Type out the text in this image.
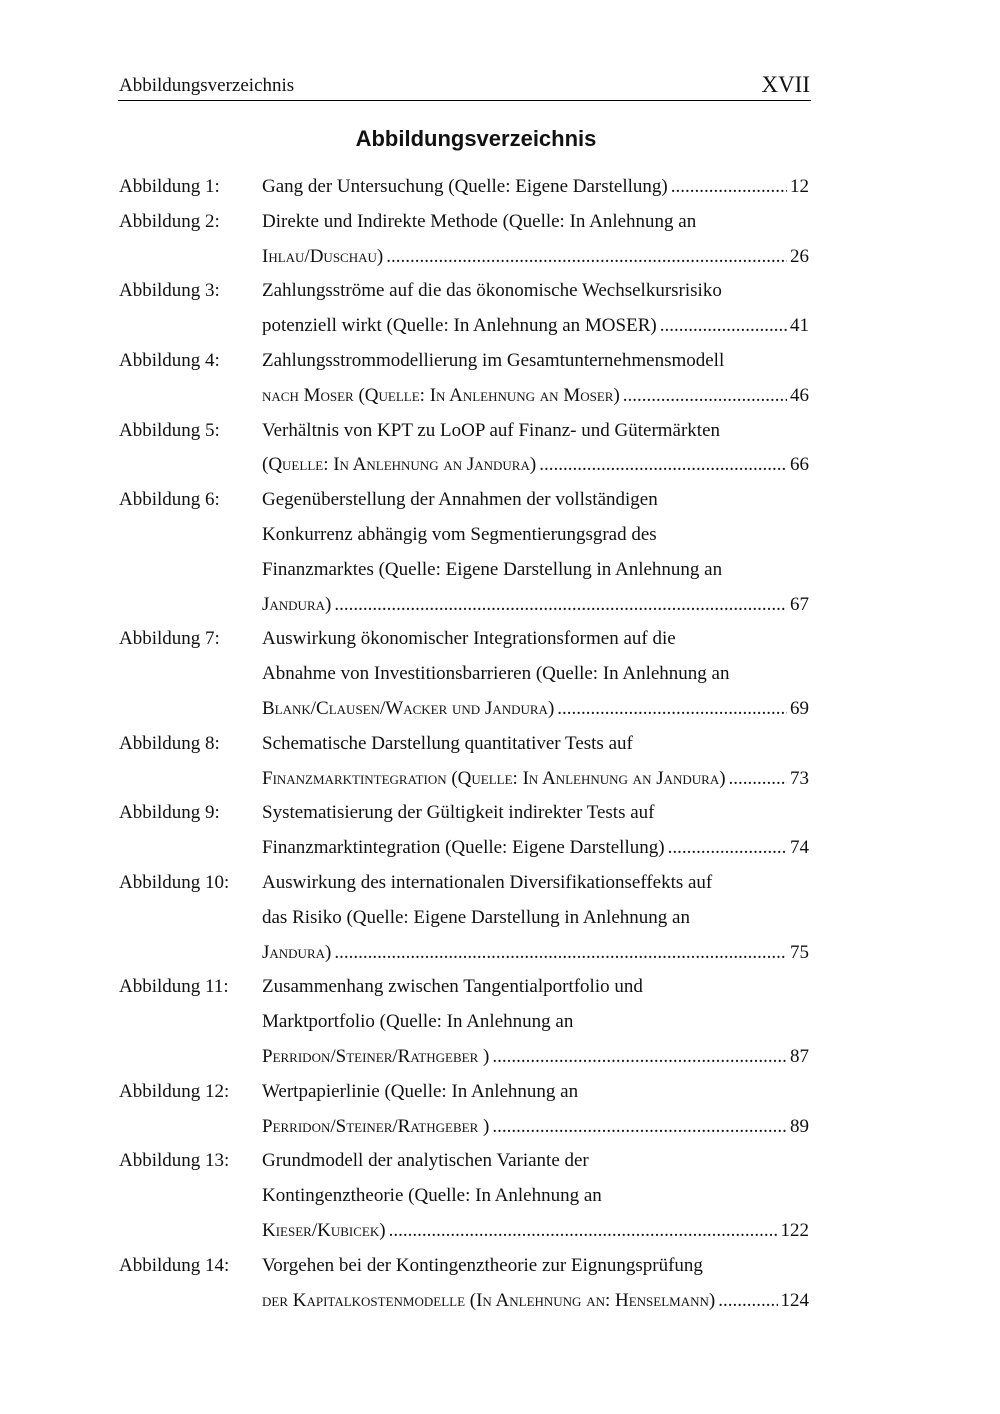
Abbildungsverzeichnis	XVII
Abbildungsverzeichnis
Abbildung 1: Gang der Untersuchung (Quelle: Eigene Darstellung) .....	12
Abbildung 2: Direkte und Indirekte Methode (Quelle: In Anlehnung an
Ihlau/Duschau) .....	26
Abbildung 3: Zahlungsströme auf die das ökonomische Wechselkursrisiko
potenziell wirkt (Quelle: In Anlehnung an MOSER) .....	41
Abbildung 4: Zahlungsstrommodellierung im Gesamtunternehmensmodell
nach Moser (Quelle: In Anlehnung an Moser) .....	46
Abbildung 5: Verhältnis von KPT zu LoOP auf Finanz- und Gütermärkten
(Quelle: In Anlehnung an Jandura) .....	66
Abbildung 6: Gegenüberstellung der Annahmen der vollständigen
Konkurrenz abhängig vom Segmentierungsgrad des
Finanzmarktes (Quelle: Eigene Darstellung in Anlehnung an
Jandura) .....	67
Abbildung 7: Auswirkung ökonomischer Integrationsformen auf die
Abnahme von Investitionsbarrieren (Quelle: In Anlehnung an
Blank/Clausen/Wacker und Jandura) .....	69
Abbildung 8: Schematische Darstellung quantitativer Tests auf
Finanzmarktintegration (Quelle: In Anlehnung an Jandura) .....	73
Abbildung 9: Systematisierung der Gültigkeit indirekter Tests auf
Finanzmarktintegration (Quelle: Eigene Darstellung) .....	74
Abbildung 10: Auswirkung des internationalen Diversifikationseffekts auf
das Risiko (Quelle: Eigene Darstellung in Anlehnung an
Jandura) .....	75
Abbildung 11: Zusammenhang zwischen Tangentialportfolio und
Marktportfolio (Quelle: In Anlehnung an
Perridon/Steiner/Rathgeber ) .....	87
Abbildung 12: Wertpapierlinie (Quelle: In Anlehnung an
Perridon/Steiner/Rathgeber ) .....	89
Abbildung 13: Grundmodell der analytischen Variante der
Kontingenztheorie (Quelle: In Anlehnung an
Kieser/Kubicek) .....	122
Abbildung 14: Vorgehen bei der Kontingenztheorie zur Eignungsprüfung
der Kapitalkostenmodelle (In Anlehnung an: Henselmann) .....	124
